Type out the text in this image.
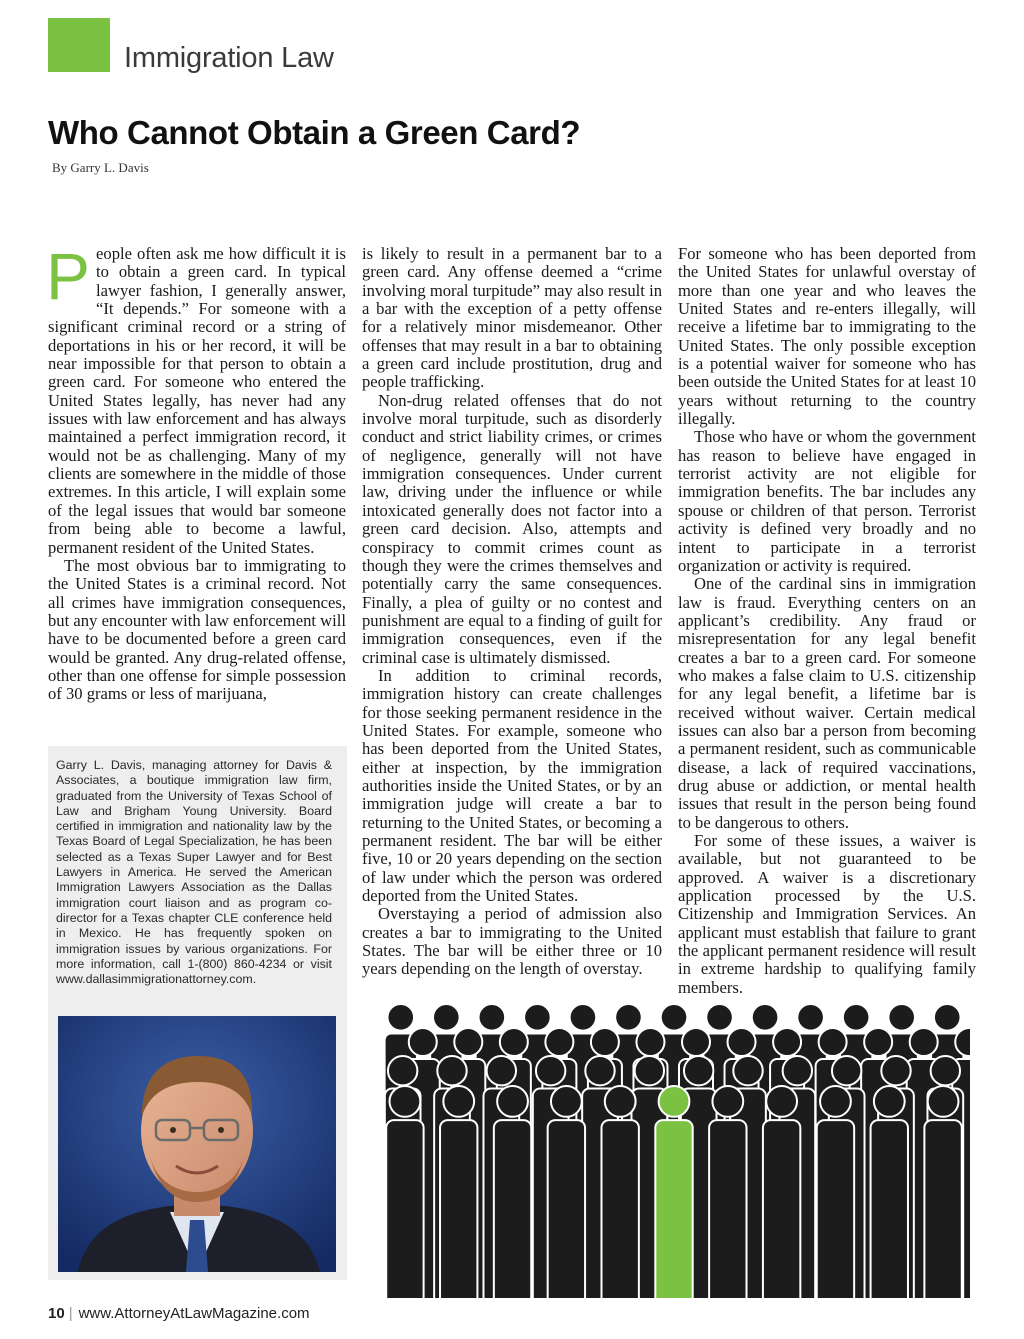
Immigration Law
Who Cannot Obtain a Green Card?
By Garry L. Davis

People often ask me how difficult it is to obtain a green card. In typical lawyer fashion, I generally answer, “It depends.” For someone with a significant criminal record or a string of deportations in his or her record, it will be near impossible for that person to obtain a green card. For someone who entered the United States legally, has never had any issues with law enforcement and has always maintained a perfect immigration record, it would not be as challenging. Many of my clients are somewhere in the middle of those extremes. In this article, I will explain some of the legal issues that would bar someone from being able to become a lawful, permanent resident of the United States.

The most obvious bar to immigrating to the United States is a criminal record. Not all crimes have immigration consequences, but any encounter with law enforcement will have to be documented before a green card would be granted. Any drug-related offense, other than one offense for simple possession of 30 grams or less of marijuana,

is likely to result in a permanent bar to a green card. Any offense deemed a “crime involving moral turpitude” may also result in a bar with the exception of a petty offense for a relatively minor misdemeanor. Other offenses that may result in a bar to obtaining a green card include prostitution, drug and people trafficking.

Non-drug related offenses that do not involve moral turpitude, such as disorderly conduct and strict liability crimes, or crimes of negligence, generally will not have immigration consequences. Under current law, driving under the influence or while intoxicated generally does not factor into a green card decision. Also, attempts and conspiracy to commit crimes count as though they were the crimes themselves and potentially carry the same consequences. Finally, a plea of guilty or no contest and punishment are equal to a finding of guilt for immigration consequences, even if the criminal case is ultimately dismissed.

In addition to criminal records, immigration history can create challenges for those seeking permanent residence in the United States. For example, someone who has been deported from the United States, either at inspection, by the immigration authorities inside the United States, or by an immigration judge will create a bar to returning to the United States, or becoming a permanent resident. The bar will be either five, 10 or 20 years depending on the section of law under which the person was ordered deported from the United States.

Overstaying a period of admission also creates a bar to immigrating to the United States. The bar will be either three or 10 years depending on the length of overstay.

For someone who has been deported from the United States for unlawful overstay of more than one year and who leaves the United States and re-enters illegally, will receive a lifetime bar to immigrating to the United States. The only possible exception is a potential waiver for someone who has been outside the United States for at least 10 years without returning to the country illegally.

Those who have or whom the government has reason to believe have engaged in terrorist activity are not eligible for immigration benefits. The bar includes any spouse or children of that person. Terrorist activity is defined very broadly and no intent to participate in a terrorist organization or activity is required.

One of the cardinal sins in immigration law is fraud. Everything centers on an applicant’s credibility. Any fraud or misrepresentation for any legal benefit creates a bar to a green card. For someone who makes a false claim to U.S. citizenship for any legal benefit, a lifetime bar is received without waiver. Certain medical issues can also bar a person from becoming a permanent resident, such as communicable disease, a lack of required vaccinations, drug abuse or addiction, or mental health issues that result in the person being found to be dangerous to others.

For some of these issues, a waiver is available, but not guaranteed to be approved. A waiver is a discretionary application processed by the U.S. Citizenship and Immigration Services. An applicant must establish that failure to grant the applicant permanent residence will result in extreme hardship to qualifying family members.

Garry L. Davis, managing attorney for Davis & Associates, a boutique immigration law firm, graduated from the University of Texas School of Law and Brigham Young University. Board certified in immigration and nationality law by the Texas Board of Legal Specialization, he has been selected as a Texas Super Lawyer and for Best Lawyers in America. He served the American Immigration Lawyers Association as the Dallas immigration court liaison and as program co-director for a Texas chapter CLE conference held in Mexico. He has frequently spoken on immigration issues by various organizations. For more information, call 1-(800) 860-4234 or visit www.dallasimmigrationattorney.com.
10 | www.AttorneyAtLawMagazine.com
